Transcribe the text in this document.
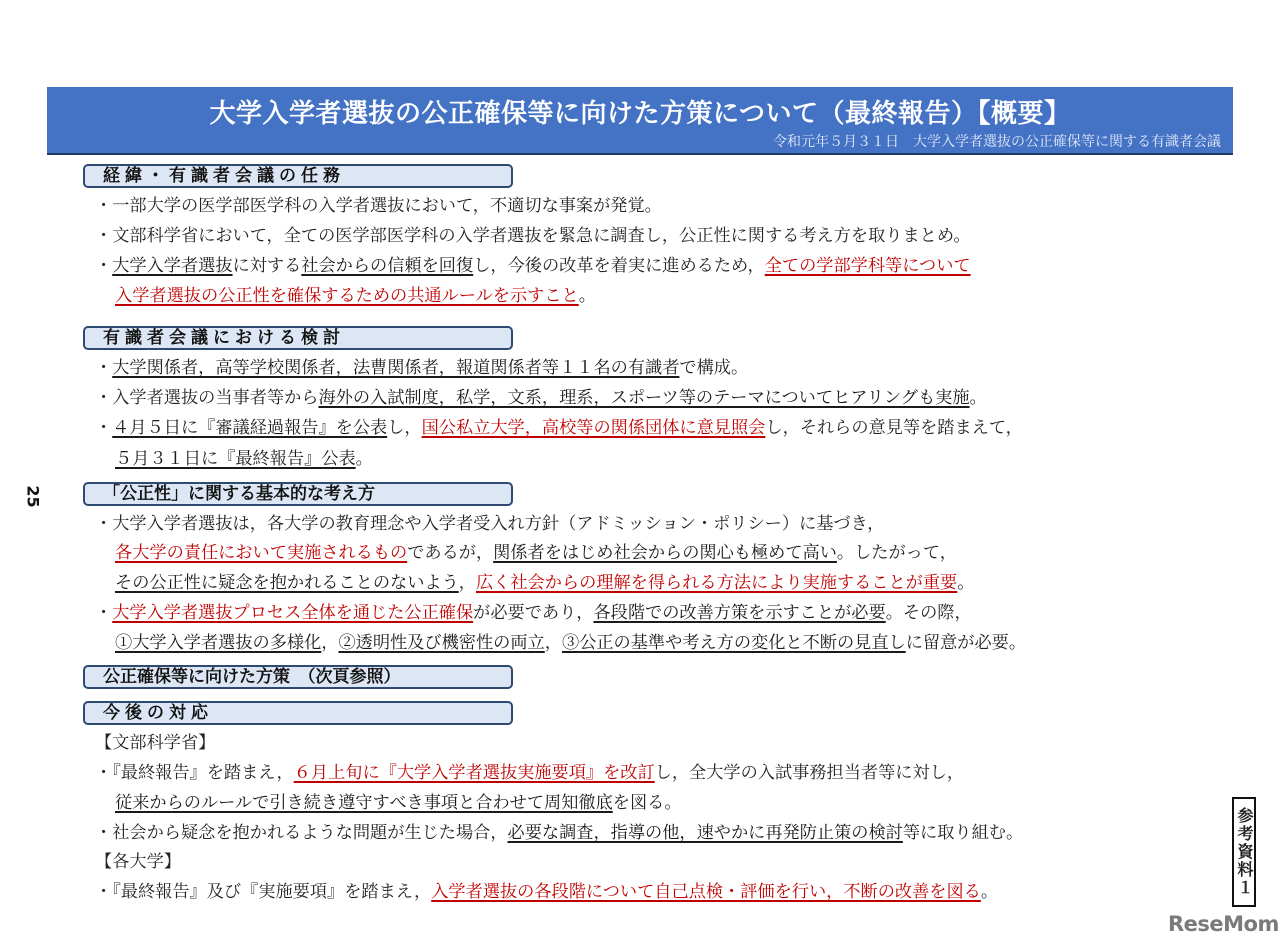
大学入学者選抜の公正確保等に向けた方策について（最終報告）【概要】
令和元年５月３１日　大学入学者選抜の公正確保等に関する有識者会議
25
経緯・有識者会議の任務
有識者会議における検討
「公正性」に関する基本的な考え方
公正確保等に向けた方策　（次頁参照）
今後の対応
・一部大学の医学部医学科の入学者選抜において，不適切な事案が発覚。
・文部科学省において，全ての医学部医学科の入学者選抜を緊急に調査し，公正性に関する考え方を取りまとめ。
・大学入学者選抜に対する社会からの信頼を回復し，今後の改革を着実に進めるため，全ての学部学科等について
入学者選抜の公正性を確保するための共通ルールを示すこと。
・大学関係者，高等学校関係者，法曹関係者，報道関係者等１１名の有識者で構成。
・入学者選抜の当事者等から海外の入試制度，私学，文系，理系，スポーツ等のテーマについてヒアリングも実施。
・４月５日に『審議経過報告』を公表し，国公私立大学，高校等の関係団体に意見照会し，それらの意見等を踏まえて，
５月３１日に『最終報告』公表。
・大学入学者選抜は，各大学の教育理念や入学者受入れ方針（アドミッション・ポリシー）に基づき，
各大学の責任において実施されるものであるが，関係者をはじめ社会からの関心も極めて高い。したがって，
その公正性に疑念を抱かれることのないよう，広く社会からの理解を得られる方法により実施することが重要。
・大学入学者選抜プロセス全体を通じた公正確保が必要であり，各段階での改善方策を示すことが必要。その際，
①大学入学者選抜の多様化，②透明性及び機密性の両立，③公正の基準や考え方の変化と不断の見直しに留意が必要。
【文部科学省】
・『最終報告』を踏まえ，６月上旬に『大学入学者選抜実施要項』を改訂し，全大学の入試事務担当者等に対し，
従来からのルールで引き続き遵守すべき事項と合わせて周知徹底を図る。
・社会から疑念を抱かれるような問題が生じた場合，必要な調査，指導の他，速やかに再発防止策の検討等に取り組む。
【各大学】
・『最終報告』及び『実施要項』を踏まえ，入学者選抜の各段階について自己点検・評価を行い，不断の改善を図る。	参考資料１
ReseMom
